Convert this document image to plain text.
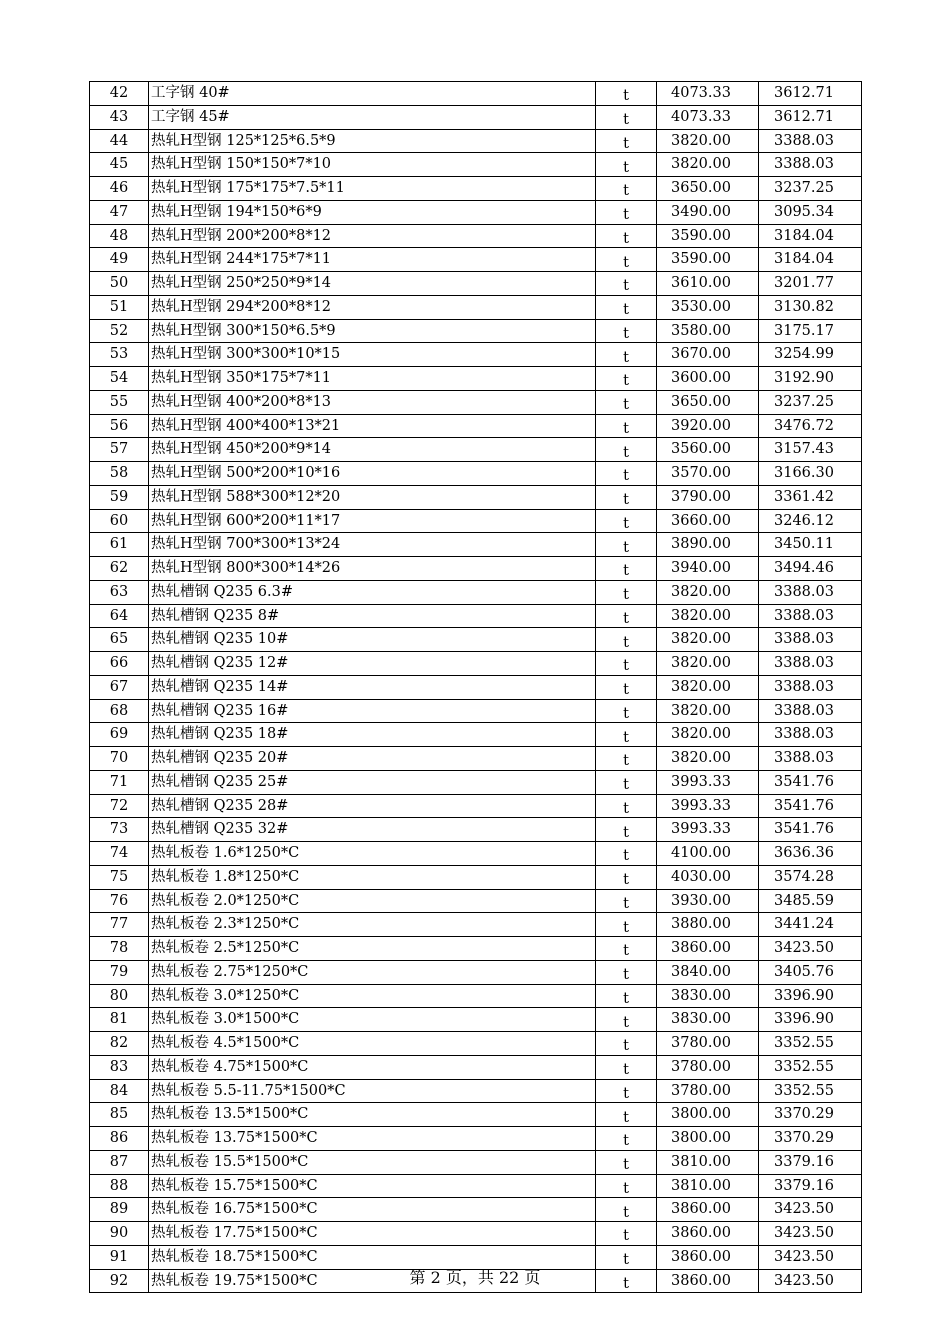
42	工字钢 40#	t	4073.33	3612.71
43	工字钢 45#	t	4073.33	3612.71
44	热轧H型钢 125*125*6.5*9	t	3820.00	3388.03
45	热轧H型钢 150*150*7*10	t	3820.00	3388.03
46	热轧H型钢 175*175*7.5*11	t	3650.00	3237.25
47	热轧H型钢 194*150*6*9	t	3490.00	3095.34
48	热轧H型钢 200*200*8*12	t	3590.00	3184.04
49	热轧H型钢 244*175*7*11	t	3590.00	3184.04
50	热轧H型钢 250*250*9*14	t	3610.00	3201.77
51	热轧H型钢 294*200*8*12	t	3530.00	3130.82
52	热轧H型钢 300*150*6.5*9	t	3580.00	3175.17
53	热轧H型钢 300*300*10*15	t	3670.00	3254.99
54	热轧H型钢 350*175*7*11	t	3600.00	3192.90
55	热轧H型钢 400*200*8*13	t	3650.00	3237.25
56	热轧H型钢 400*400*13*21	t	3920.00	3476.72
57	热轧H型钢 450*200*9*14	t	3560.00	3157.43
58	热轧H型钢 500*200*10*16	t	3570.00	3166.30
59	热轧H型钢 588*300*12*20	t	3790.00	3361.42
60	热轧H型钢 600*200*11*17	t	3660.00	3246.12
61	热轧H型钢 700*300*13*24	t	3890.00	3450.11
62	热轧H型钢 800*300*14*26	t	3940.00	3494.46
63	热轧槽钢 Q235 6.3#	t	3820.00	3388.03
64	热轧槽钢 Q235 8#	t	3820.00	3388.03
65	热轧槽钢 Q235 10#	t	3820.00	3388.03
66	热轧槽钢 Q235 12#	t	3820.00	3388.03
67	热轧槽钢 Q235 14#	t	3820.00	3388.03
68	热轧槽钢 Q235 16#	t	3820.00	3388.03
69	热轧槽钢 Q235 18#	t	3820.00	3388.03
70	热轧槽钢 Q235 20#	t	3820.00	3388.03
71	热轧槽钢 Q235 25#	t	3993.33	3541.76
72	热轧槽钢 Q235 28#	t	3993.33	3541.76
73	热轧槽钢 Q235 32#	t	3993.33	3541.76
74	热轧板卷 1.6*1250*C	t	4100.00	3636.36
75	热轧板卷 1.8*1250*C	t	4030.00	3574.28
76	热轧板卷 2.0*1250*C	t	3930.00	3485.59
77	热轧板卷 2.3*1250*C	t	3880.00	3441.24
78	热轧板卷 2.5*1250*C	t	3860.00	3423.50
79	热轧板卷 2.75*1250*C	t	3840.00	3405.76
80	热轧板卷 3.0*1250*C	t	3830.00	3396.90
81	热轧板卷 3.0*1500*C	t	3830.00	3396.90
82	热轧板卷 4.5*1500*C	t	3780.00	3352.55
83	热轧板卷 4.75*1500*C	t	3780.00	3352.55
84	热轧板卷 5.5-11.75*1500*C	t	3780.00	3352.55
85	热轧板卷 13.5*1500*C	t	3800.00	3370.29
86	热轧板卷 13.75*1500*C	t	3800.00	3370.29
87	热轧板卷 15.5*1500*C	t	3810.00	3379.16
88	热轧板卷 15.75*1500*C	t	3810.00	3379.16
89	热轧板卷 16.75*1500*C	t	3860.00	3423.50
90	热轧板卷 17.75*1500*C	t	3860.00	3423.50
91	热轧板卷 18.75*1500*C	t	3860.00	3423.50
92	热轧板卷 19.75*1500*C	t	3860.00	3423.50
第 2 页，共 22 页
